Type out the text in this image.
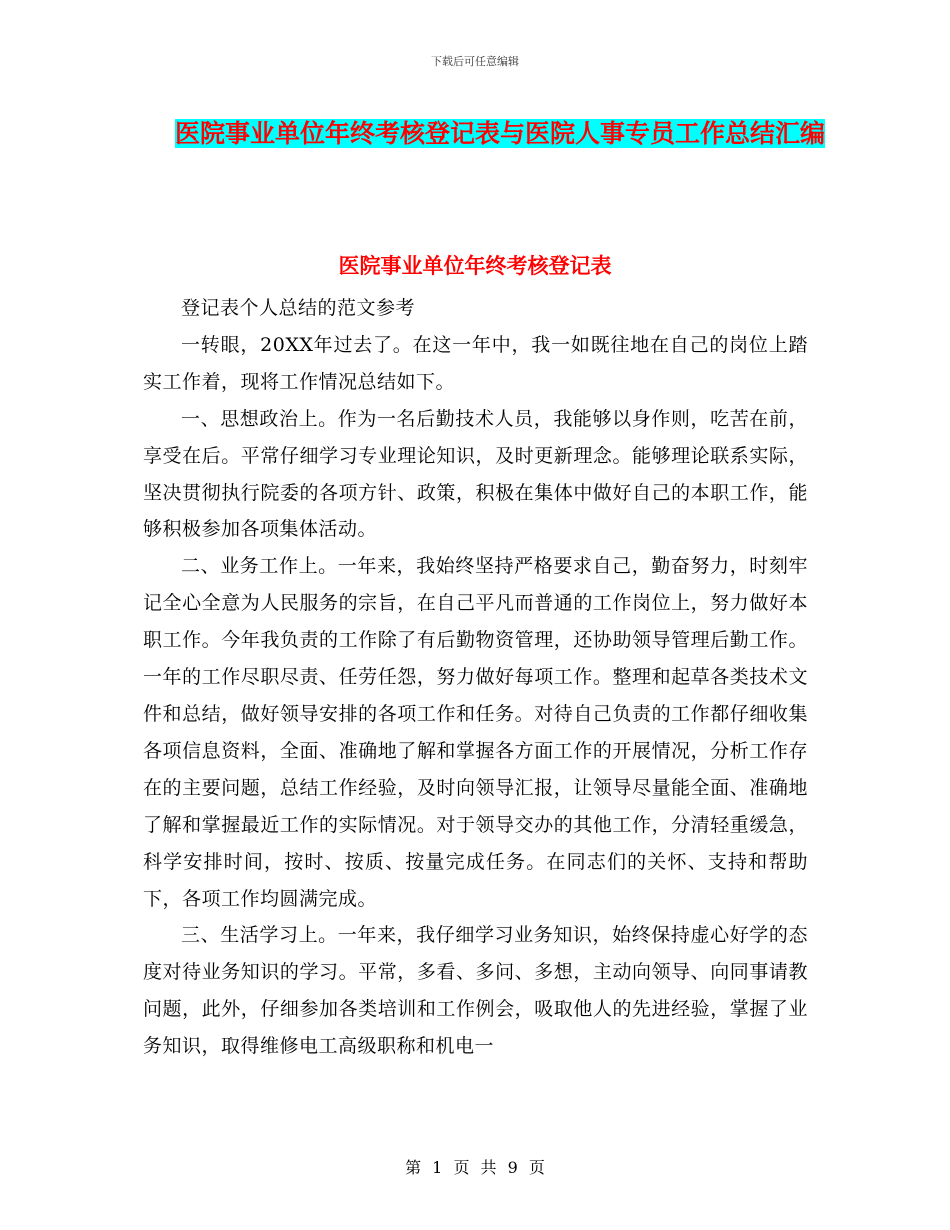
下载后可任意编辑
医院事业单位年终考核登记表与医院人事专员工作总结汇编
医院事业单位年终考核登记表

登记表个人总结的范文参考

一转眼，20XX年过去了。在这一年中，我一如既往地在自己的岗位上踏实工作着，现将工作情况总结如下。

一、思想政治上。作为一名后勤技术人员，我能够以身作则，吃苦在前，享受在后。平常仔细学习专业理论知识，及时更新理念。能够理论联系实际，坚决贯彻执行院委的各项方针、政策，积极在集体中做好自己的本职工作，能够积极参加各项集体活动。

二、业务工作上。一年来，我始终坚持严格要求自己，勤奋努力，时刻牢记全心全意为人民服务的宗旨，在自己平凡而普通的工作岗位上，努力做好本职工作。今年我负责的工作除了有后勤物资管理，还协助领导管理后勤工作。一年的工作尽职尽责、任劳任怨，努力做好每项工作。整理和起草各类技术文件和总结，做好领导安排的各项工作和任务。对待自己负责的工作都仔细收集各项信息资料，全面、准确地了解和掌握各方面工作的开展情况，分析工作存在的主要问题，总结工作经验，及时向领导汇报，让领导尽量能全面、准确地了解和掌握最近工作的实际情况。对于领导交办的其他工作，分清轻重缓急，科学安排时间，按时、按质、按量完成任务。在同志们的关怀、支持和帮助下，各项工作均圆满完成。

三、生活学习上。一年来，我仔细学习业务知识，始终保持虚心好学的态度对待业务知识的学习。平常，多看、多问、多想，主动向领导、向同事请教问题，此外，仔细参加各类培训和工作例会，吸取他人的先进经验，掌握了业务知识，取得维修电工高级职称和机电一

第 1 页 共 9 页
